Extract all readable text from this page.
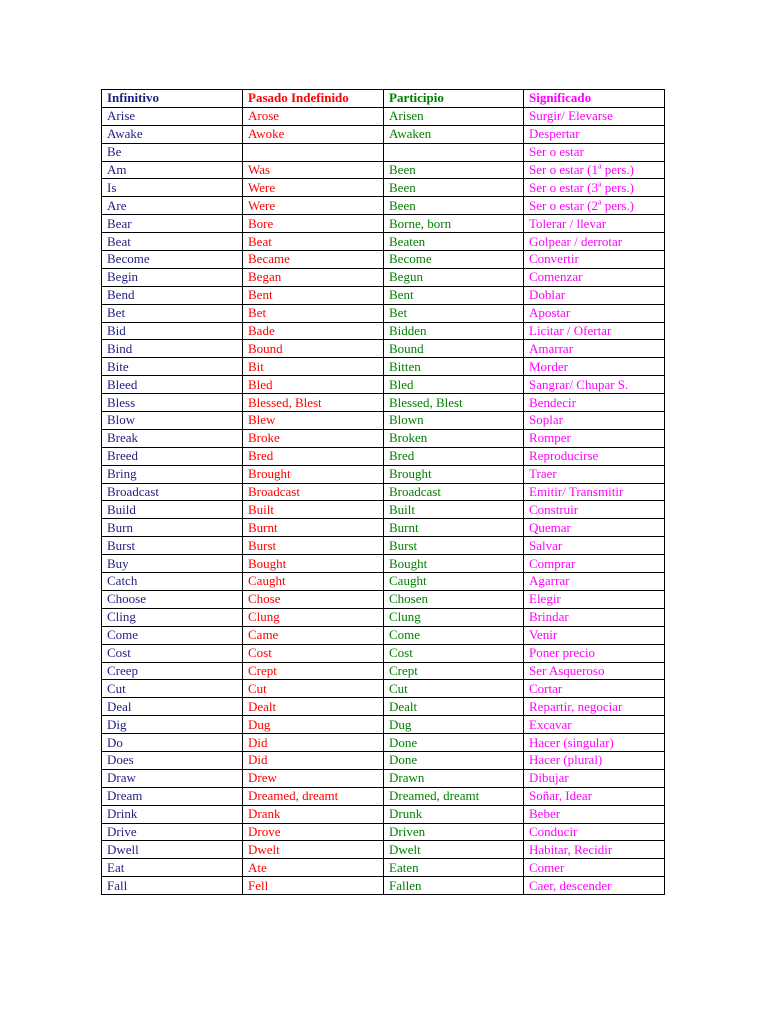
Infinitivo	Pasado Indefinido	Participio	Significado
Arise	Arose	Arisen	Surgir/ Elevarse
Awake	Awoke	Awaken	Despertar
Be			Ser o estar
Am	Was	Been	Ser o estar (1$^a$ pers.)
Is	Were	Been	Ser o estar (3$^a$ pers.)
Are	Were	Been	Ser o estar (2$^a$ pers.)
Bear	Bore	Borne, born	Tolerar / llevar
Beat	Beat	Beaten	Golpear / derrotar
Become	Became	Become	Convertir
Begin	Began	Begun	Comenzar
Bend	Bent	Bent	Doblar
Bet	Bet	Bet	Apostar
Bid	Bade	Bidden	Licitar / Ofertar
Bind	Bound	Bound	Amarrar
Bite	Bit	Bitten	Morder
Bleed	Bled	Bled	Sangrar/ Chupar S.
Bless	Blessed, Blest	Blessed, Blest	Bendecir
Blow	Blew	Blown	Soplar
Break	Broke	Broken	Romper
Breed	Bred	Bred	Reproducirse
Bring	Brought	Brought	Traer
Broadcast	Broadcast	Broadcast	Emitir/ Transmitir
Build	Built	Built	Construir
Burn	Burnt	Burnt	Quemar
Burst	Burst	Burst	Salvar
Buy	Bought	Bought	Comprar
Catch	Caught	Caught	Agarrar
Choose	Chose	Chosen	Elegir
Cling	Clung	Clung	Brindar
Come	Came	Come	Venir
Cost	Cost	Cost	Poner precio
Creep	Crept	Crept	Ser Asqueroso
Cut	Cut	Cut	Cortar
Deal	Dealt	Dealt	Repartir, negociar
Dig	Dug	Dug	Excavar
Do	Did	Done	Hacer (singular)
Does	Did	Done	Hacer (plural)
Draw	Drew	Drawn	Dibujar
Dream	Dreamed, dreamt	Dreamed, dreamt	Soñar, Idear
Drink	Drank	Drunk	Beber
Drive	Drove	Driven	Conducir
Dwell	Dwelt	Dwelt	Habitar, Recidir
Eat	Ate	Eaten	Comer
Fall	Fell	Fallen	Caer, descender
